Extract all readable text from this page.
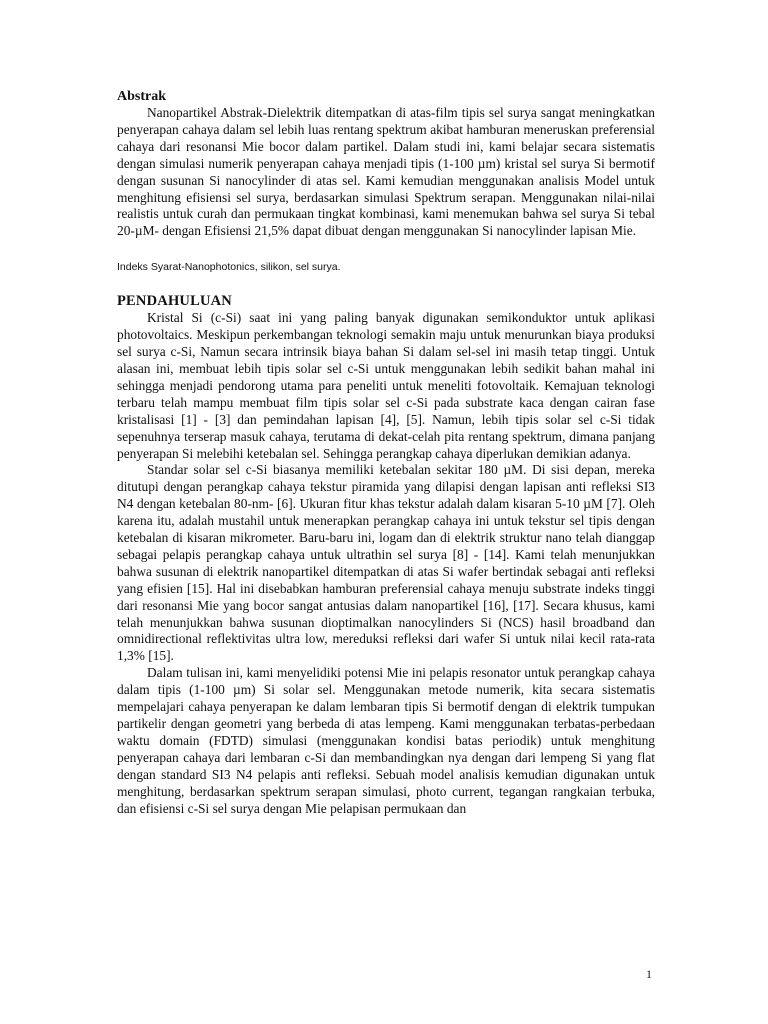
Abstrak

Nanopartikel Abstrak-Dielektrik ditempatkan di atas-film tipis sel surya sangat meningkatkan penyerapan cahaya dalam sel lebih luas rentang spektrum akibat hamburan meneruskan preferensial cahaya dari resonansi Mie bocor dalam partikel. Dalam studi ini, kami belajar secara sistematis dengan simulasi numerik penyerapan cahaya menjadi tipis (1-100 µm) kristal sel surya Si bermotif dengan susunan Si nanocylinder di atas sel. Kami kemudian menggunakan analisis Model untuk menghitung efisiensi sel surya, berdasarkan simulasi Spektrum serapan. Menggunakan nilai-nilai realistis untuk curah dan permukaan tingkat kombinasi, kami menemukan bahwa sel surya Si tebal 20-µM- dengan Efisiensi 21,5% dapat dibuat dengan menggunakan Si nanocylinder lapisan Mie.

Indeks Syarat-Nanophotonics, silikon, sel surya.

PENDAHULUAN

Kristal Si (c-Si) saat ini yang paling banyak digunakan semikonduktor untuk aplikasi photovoltaics. Meskipun perkembangan teknologi semakin maju untuk menurunkan biaya produksi sel surya c-Si, Namun secara intrinsik biaya bahan Si dalam sel-sel ini masih tetap tinggi. Untuk alasan ini, membuat lebih tipis solar sel c-Si untuk menggunakan lebih sedikit bahan mahal ini sehingga menjadi pendorong utama para peneliti untuk meneliti fotovoltaik. Kemajuan teknologi terbaru telah mampu membuat film tipis solar sel c-Si pada substrate kaca dengan cairan fase kristalisasi [1] - [3] dan pemindahan lapisan [4], [5]. Namun, lebih tipis solar sel c-Si tidak sepenuhnya terserap masuk cahaya, terutama di dekat-celah pita rentang spektrum, dimana panjang penyerapan Si melebihi ketebalan sel. Sehingga perangkap cahaya diperlukan demikian adanya.

Standar solar sel c-Si biasanya memiliki ketebalan sekitar 180 µM. Di sisi depan, mereka ditutupi dengan perangkap cahaya tekstur piramida yang dilapisi dengan lapisan anti refleksi SI3 N4 dengan ketebalan 80-nm- [6]. Ukuran fitur khas tekstur adalah dalam kisaran 5-10 µM [7]. Oleh karena itu, adalah mustahil untuk menerapkan perangkap cahaya ini untuk tekstur sel tipis dengan ketebalan di kisaran mikrometer. Baru-baru ini, logam dan di elektrik struktur nano telah dianggap sebagai pelapis perangkap cahaya untuk ultrathin sel surya [8] - [14]. Kami telah menunjukkan bahwa susunan di elektrik nanopartikel ditempatkan di atas Si wafer bertindak sebagai anti refleksi yang efisien [15]. Hal ini disebabkan hamburan preferensial cahaya menuju substrate indeks tinggi dari resonansi Mie yang bocor sangat antusias dalam nanopartikel [16], [17]. Secara khusus, kami telah menunjukkan bahwa susunan dioptimalkan nanocylinders Si (NCS) hasil broadband dan omnidirectional reflektivitas ultra low, mereduksi refleksi dari wafer Si untuk nilai kecil rata-rata 1,3% [15].

Dalam tulisan ini, kami menyelidiki potensi Mie ini pelapis resonator untuk perangkap cahaya dalam tipis (1-100 µm) Si solar sel. Menggunakan metode numerik, kita secara sistematis mempelajari cahaya penyerapan ke dalam lembaran tipis Si bermotif dengan di elektrik tumpukan partikelir dengan geometri yang berbeda di atas lempeng. Kami menggunakan terbatas-perbedaan waktu domain (FDTD) simulasi (menggunakan kondisi batas periodik) untuk menghitung penyerapan cahaya dari lembaran c-Si dan membandingkan nya dengan dari lempeng Si yang flat dengan standard SI3 N4 pelapis anti refleksi. Sebuah model analisis kemudian digunakan untuk menghitung, berdasarkan spektrum serapan simulasi, photo current, tegangan rangkaian terbuka, dan efisiensi c-Si sel surya dengan Mie pelapisan permukaan dan

1
